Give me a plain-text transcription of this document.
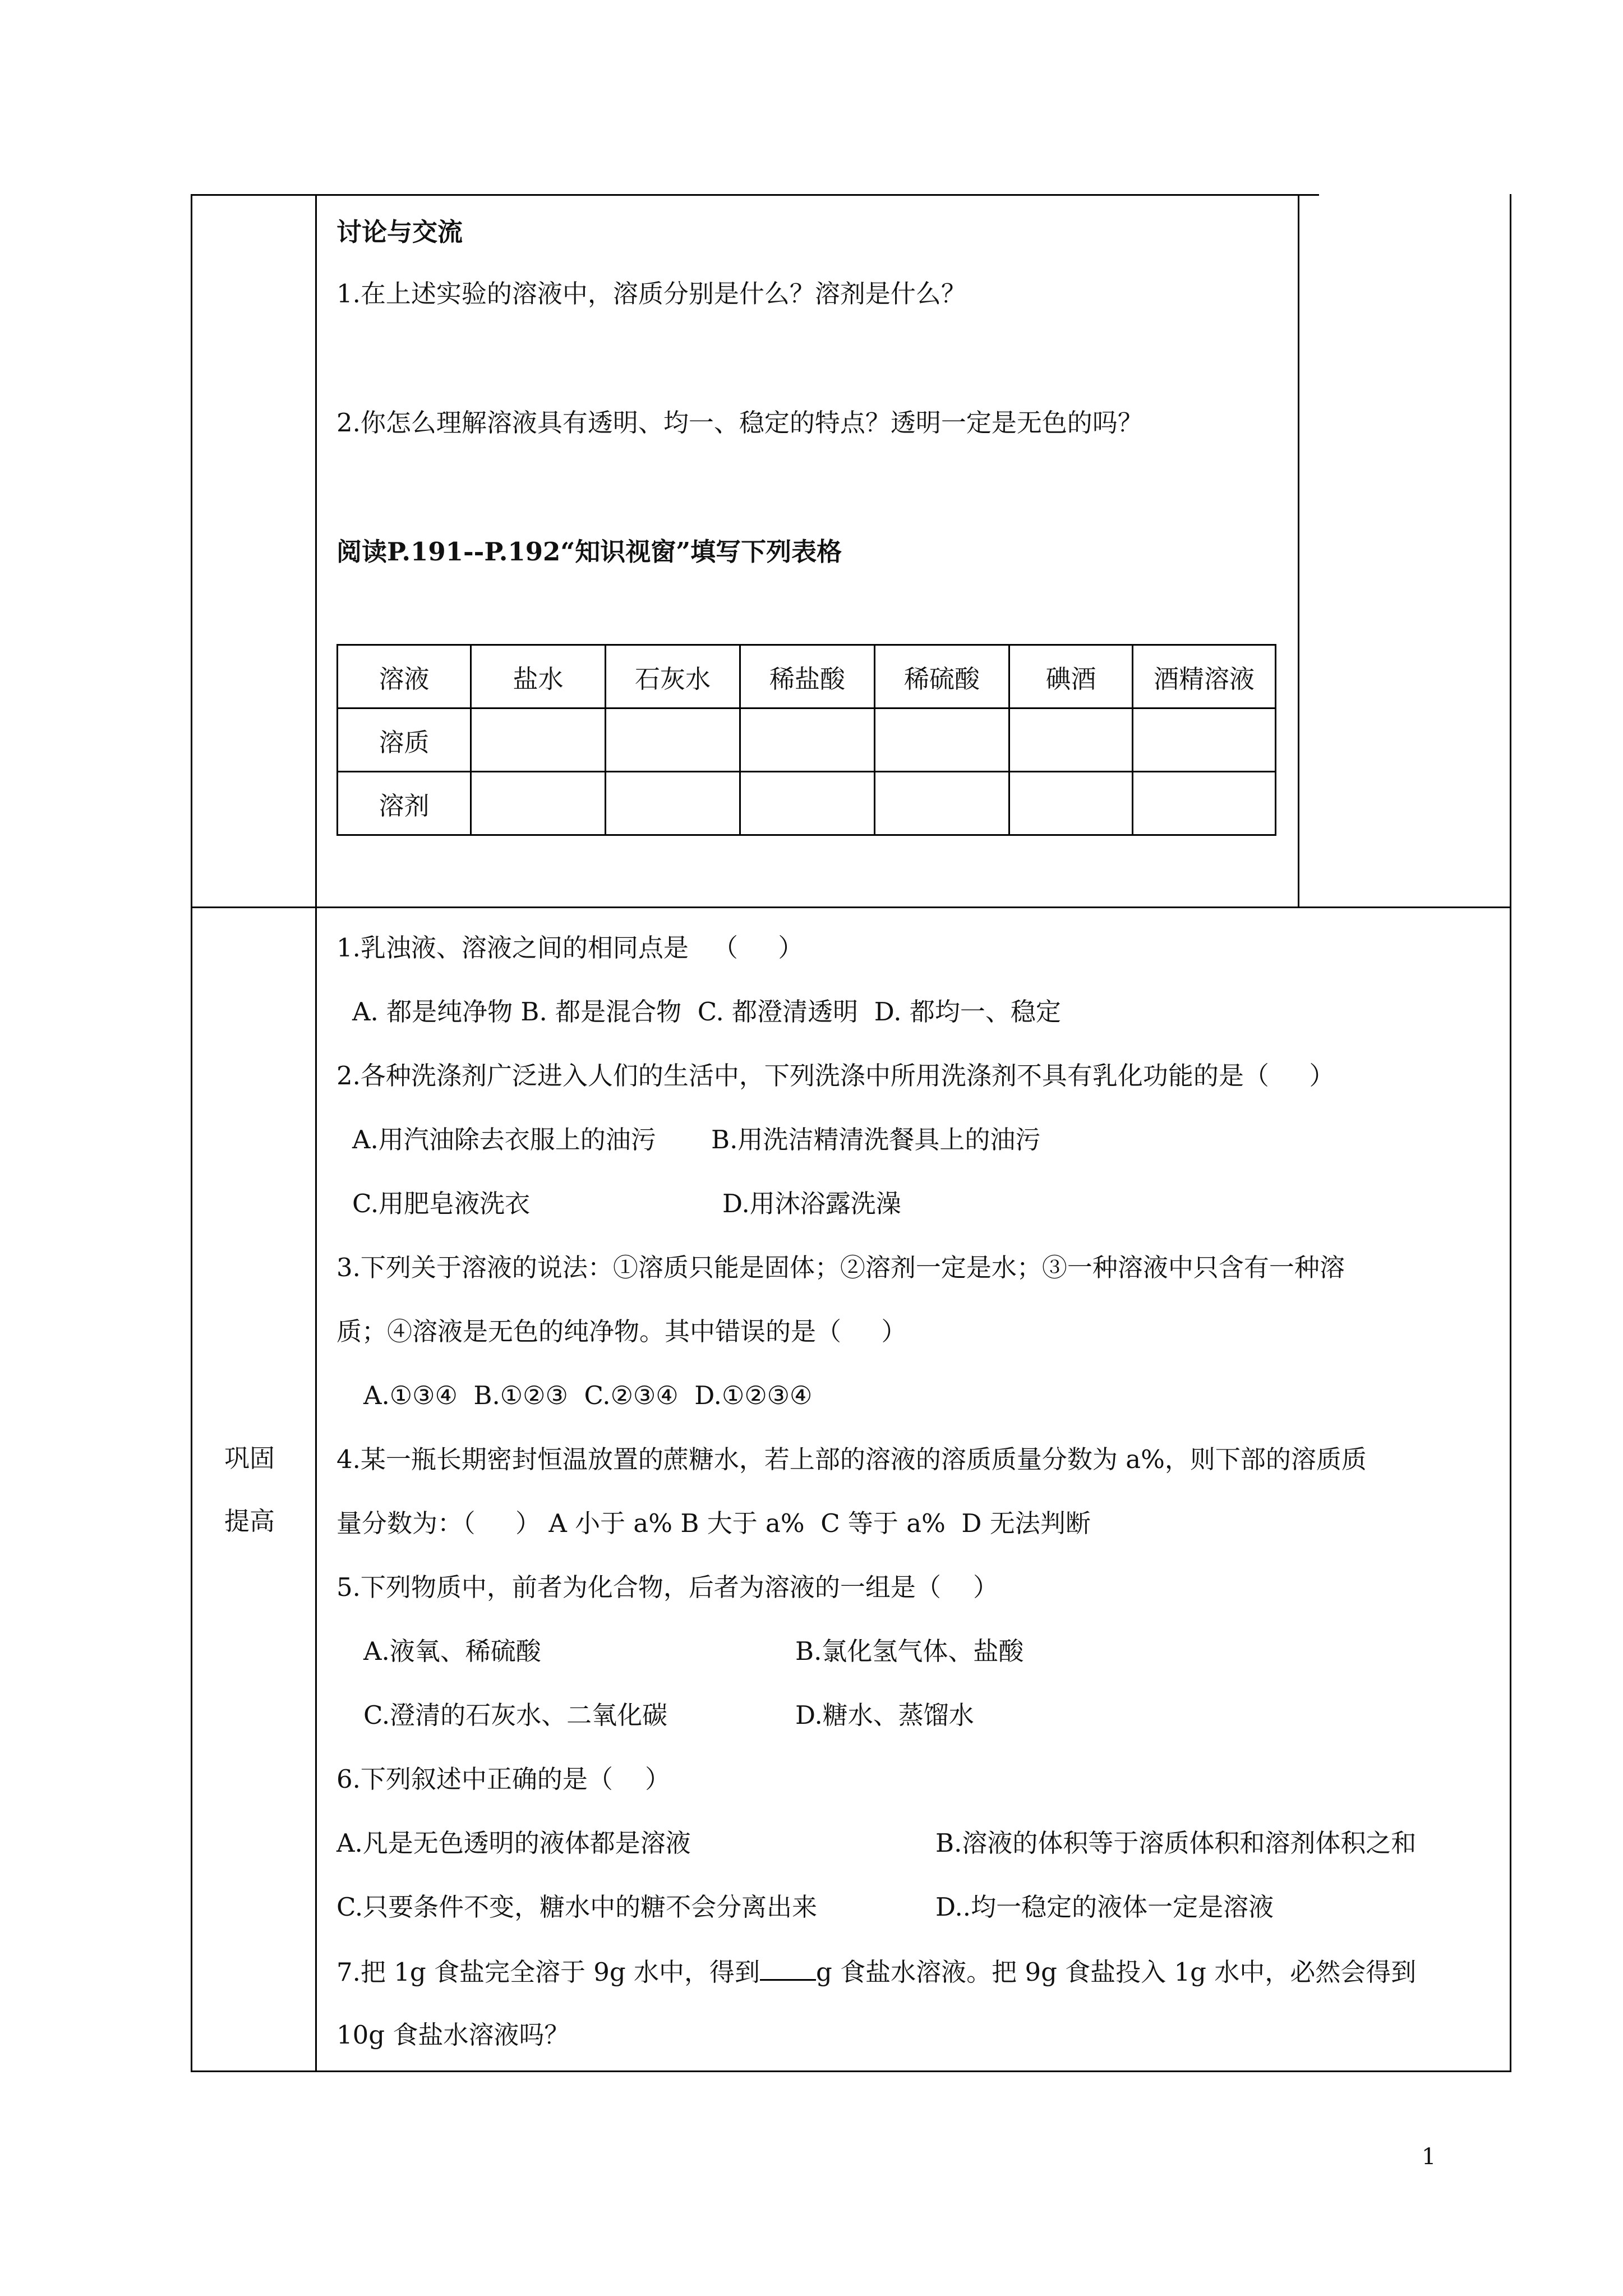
讨论与交流
1.在上述实验的溶液中，溶质分别是什么？溶剂是什么？
2.你怎么理解溶液具有透明、均一、稳定的特点？透明一定是无色的吗？
阅读P.191--P.192“知识视窗”填写下列表格
溶液	盐水	石灰水	稀盐酸	稀硫酸	碘酒	酒精溶液
溶质						
溶剂						
巩固
提高
1.乳浊液、溶液之间的相同点是   （     ）
A. 都是纯净物 B. 都是混合物  C. 都澄清透明  D. 都均一、稳定
2.各种洗涤剂广泛进入人们的生活中，下列洗涤中所用洗涤剂不具有乳化功能的是（     ）
A.用汽油除去衣服上的油污 B.用洗洁精清洗餐具上的油污
C.用肥皂液洗衣	D.用沐浴露洗澡
3.下列关于溶液的说法：①溶质只能是固体；②溶剂一定是水；③一种溶液中只含有一种溶
质；④溶液是无色的纯净物。其中错误的是（     ）
A.①③④  B.①②③  C.②③④  D.①②③④
4.某一瓶长期密封恒温放置的蔗糖水，若上部的溶液的溶质质量分数为 a%，则下部的溶质质
量分数为：（     ） A 小于 a% B 大于 a%  C 等于 a%  D 无法判断
5.下列物质中，前者为化合物，后者为溶液的一组是（    ）
A.液氧、稀硫酸	B.氯化氢气体、盐酸
C.澄清的石灰水、二氧化碳	D.糖水、蒸馏水
6.下列叙述中正确的是（    ）
A.凡是无色透明的液体都是溶液	B.溶液的体积等于溶质体积和溶剂体积之和
C.只要条件不变，糖水中的糖不会分离出来	D..均一稳定的液体一定是溶液
7.把 1g 食盐完全溶于 9g 水中，得到 g 食盐水溶液。把 9g 食盐投入 1g 水中，必然会得到
10g 食盐水溶液吗？
1
